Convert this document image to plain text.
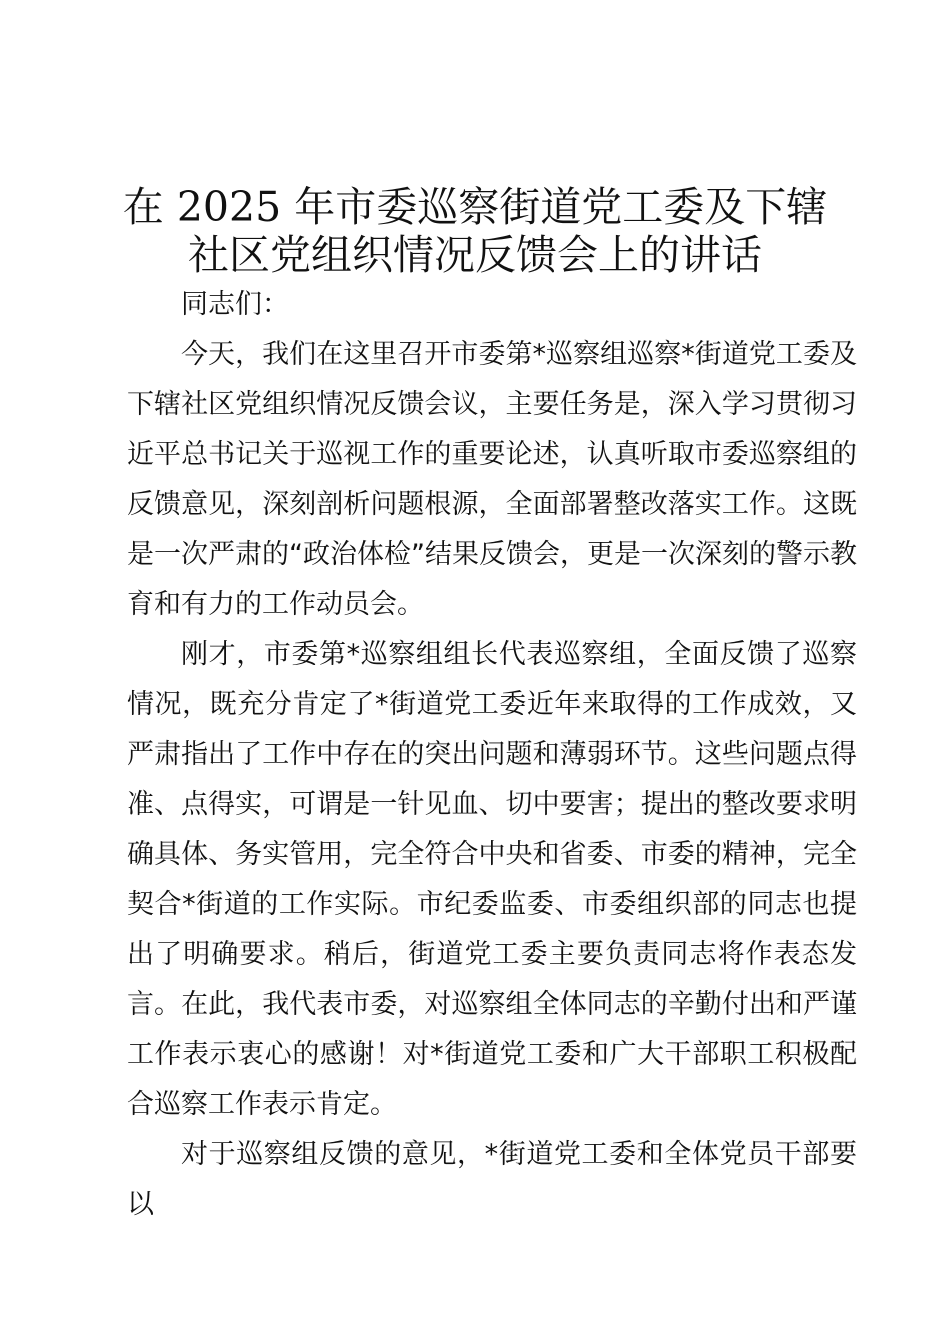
在 2025 年市委巡察街道党工委及下辖
社区党组织情况反馈会上的讲话

同志们：

今天，我们在这里召开市委第*巡察组巡察*街道党工委及下辖社区党组织情况反馈会议，主要任务是，深入学习贯彻习近平总书记关于巡视工作的重要论述，认真听取市委巡察组的反馈意见，深刻剖析问题根源，全面部署整改落实工作。这既是一次严肃的“政治体检”结果反馈会，更是一次深刻的警示教育和有力的工作动员会。

刚才，市委第*巡察组组长代表巡察组，全面反馈了巡察情况，既充分肯定了*街道党工委近年来取得的工作成效，又严肃指出了工作中存在的突出问题和薄弱环节。这些问题点得准、点得实，可谓是一针见血、切中要害；提出的整改要求明确具体、务实管用，完全符合中央和省委、市委的精神，完全契合*街道的工作实际。市纪委监委、市委组织部的同志也提出了明确要求。稍后，街道党工委主要负责同志将作表态发言。在此，我代表市委，对巡察组全体同志的辛勤付出和严谨工作表示衷心的感谢！对*街道党工委和广大干部职工积极配合巡察工作表示肯定。

对于巡察组反馈的意见，*街道党工委和全体党员干部要以
